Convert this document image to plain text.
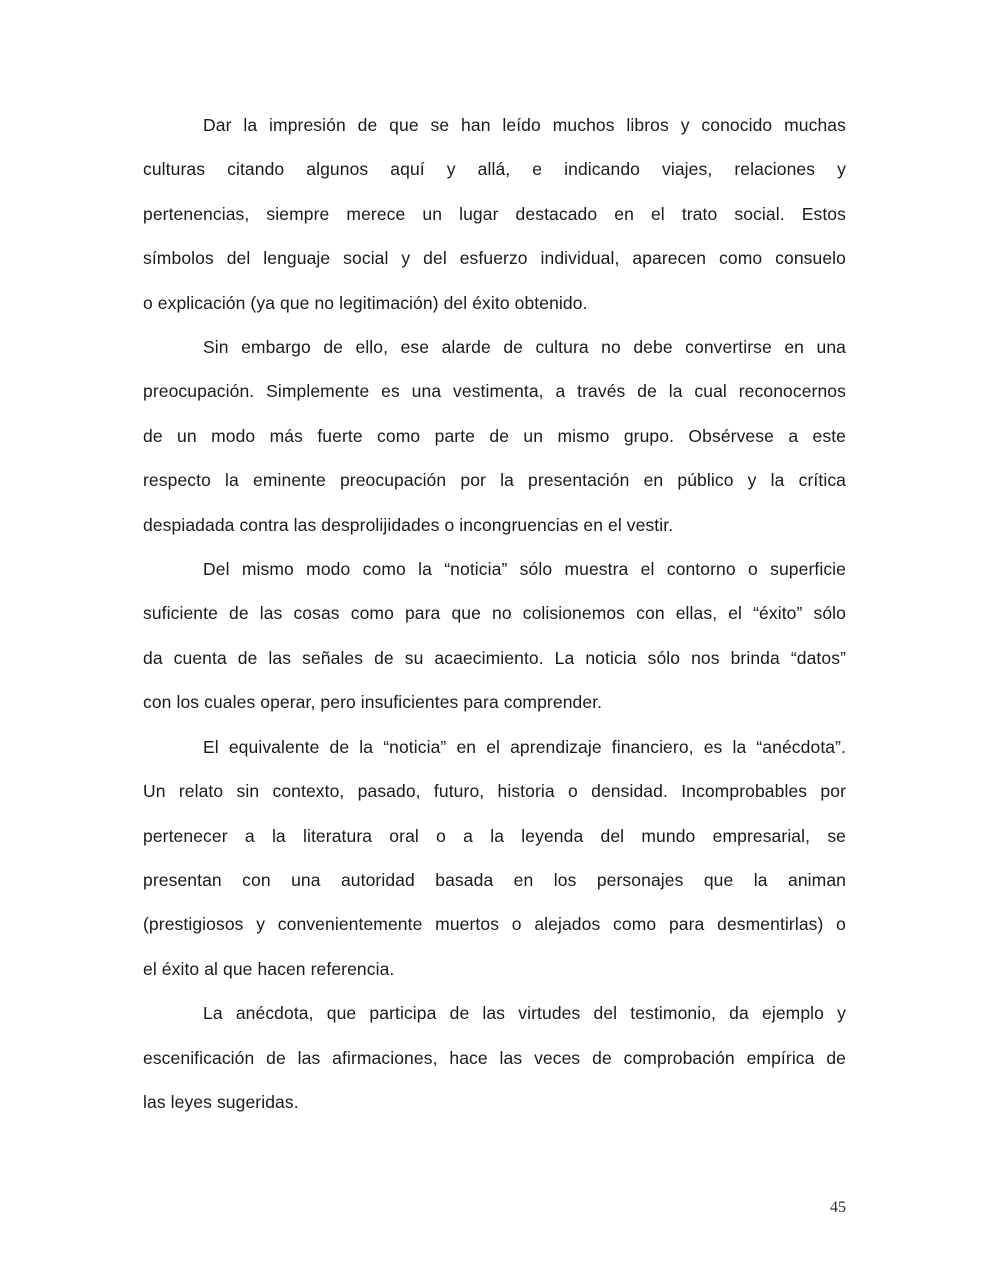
Dar la impresión de que se han leído muchos libros y conocido muchas
culturas citando algunos aquí y allá, e indicando viajes, relaciones y
pertenencias, siempre merece un lugar destacado en el trato social. Estos
símbolos del lenguaje social y del esfuerzo individual, aparecen como consuelo
o explicación (ya que no legitimación) del éxito obtenido.
Sin embargo de ello, ese alarde de cultura no debe convertirse en una
preocupación. Simplemente es una vestimenta, a través de la cual reconocernos
de un modo más fuerte como parte de un mismo grupo. Obsérvese a este
respecto la eminente preocupación por la presentación en público y la crítica
despiadada contra las desprolijidades o incongruencias en el vestir.
Del mismo modo como la “noticia” sólo muestra el contorno o superficie
suficiente de las cosas como para que no colisionemos con ellas, el “éxito” sólo
da cuenta de las señales de su acaecimiento. La noticia sólo nos brinda “datos”
con los cuales operar, pero insuficientes para comprender.
El equivalente de la “noticia” en el aprendizaje financiero, es la “anécdota”.
Un relato sin contexto, pasado, futuro, historia o densidad. Incomprobables por
pertenecer a la literatura oral o a la leyenda del mundo empresarial, se
presentan con una autoridad basada en los personajes que la animan
(prestigiosos y convenientemente muertos o alejados como para desmentirlas) o
el éxito al que hacen referencia.
La anécdota, que participa de las virtudes del testimonio, da ejemplo y
escenificación de las afirmaciones, hace las veces de comprobación empírica de
las leyes sugeridas.
45
